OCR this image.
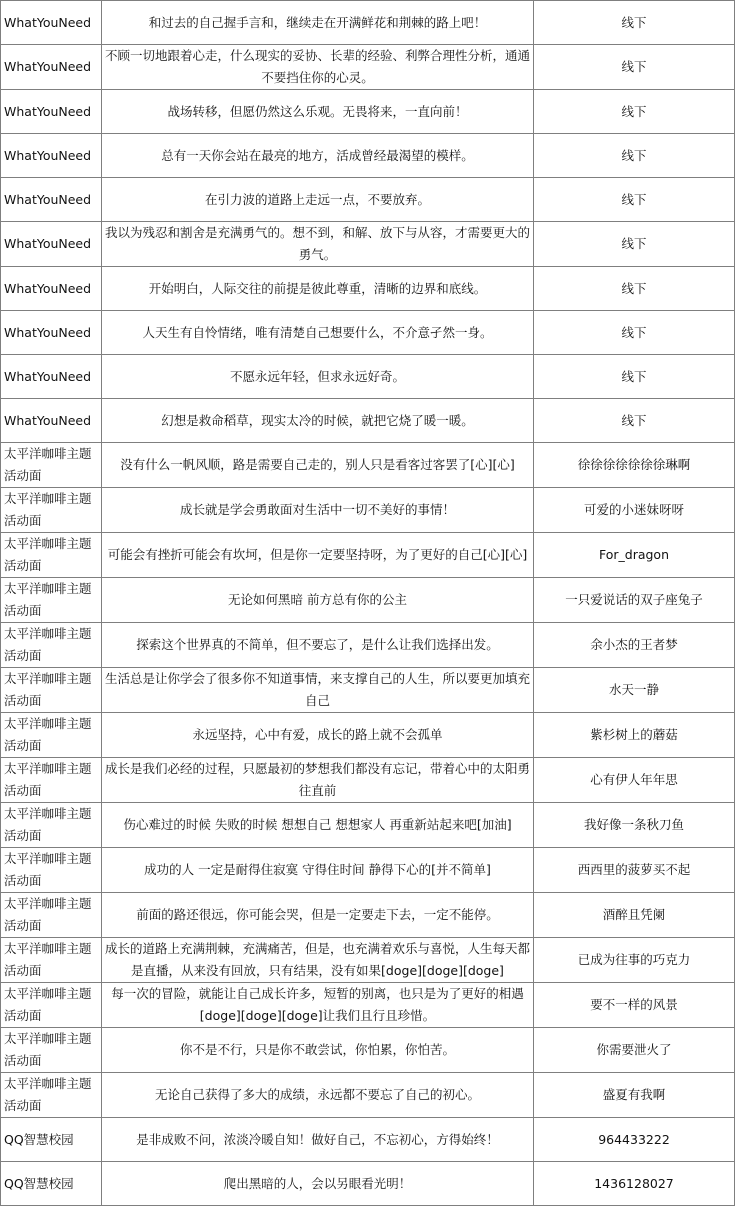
WhatYouNeed	和过去的自己握手言和，继续走在开满鲜花和荆棘的路上吧！	线下
WhatYouNeed	不顾一切地跟着心走，什么现实的妥协、长辈的经验、利弊合理性分析，通通不要挡住你的心灵。	线下
WhatYouNeed	战场转移，但愿仍然这么乐观。无畏将来，一直向前！	线下
WhatYouNeed	总有一天你会站在最亮的地方，活成曾经最渴望的模样。	线下
WhatYouNeed	在引力波的道路上走远一点，不要放弃。	线下
WhatYouNeed	我以为残忍和割舍是充满勇气的。想不到，和解、放下与从容，才需要更大的勇气。	线下
WhatYouNeed	开始明白，人际交往的前提是彼此尊重，清晰的边界和底线。	线下
WhatYouNeed	人天生有自怜情绪，唯有清楚自己想要什么，不介意孑然一身。	线下
WhatYouNeed	不愿永远年轻，但求永远好奇。	线下
WhatYouNeed	幻想是救命稻草，现实太冷的时候，就把它烧了暖一暖。	线下
太平洋咖啡主题活动面	没有什么一帆风顺，路是需要自己走的，别人只是看客过客罢了[心][心]	徐徐徐徐徐徐徐琳啊
太平洋咖啡主题活动面	成长就是学会勇敢面对生活中一切不美好的事情！	可爱的小迷妹呀呀
太平洋咖啡主题活动面	可能会有挫折可能会有坎坷，但是你一定要坚持呀，为了更好的自己[心][心]	For_dragon
太平洋咖啡主题活动面	无论如何黑暗 前方总有你的公主	一只爱说话的双子座兔子
太平洋咖啡主题活动面	探索这个世界真的不简单，但不要忘了，是什么让我们选择出发。	余小杰的王者梦
太平洋咖啡主题活动面	生活总是让你学会了很多你不知道事情，来支撑自己的人生，所以要更加填充自己	水天一静
太平洋咖啡主题活动面	永远坚持，心中有爱，成长的路上就不会孤单	紫杉树上的蘑菇
太平洋咖啡主题活动面	成长是我们必经的过程，只愿最初的梦想我们都没有忘记，带着心中的太阳勇往直前	心有伊人年年思
太平洋咖啡主题活动面	伤心难过的时候 失败的时候 想想自己 想想家人 再重新站起来吧[加油]	我好像一条秋刀鱼
太平洋咖啡主题活动面	成功的人 一定是耐得住寂寞 守得住时间 静得下心的[并不简单]	西西里的菠萝买不起
太平洋咖啡主题活动面	前面的路还很远，你可能会哭，但是一定要走下去，一定不能停。	酒醉且凭阑
太平洋咖啡主题活动面	成长的道路上充满荆棘，充满痛苦，但是，也充满着欢乐与喜悦，人生每天都是直播，从来没有回放，只有结果，没有如果[doge][doge][doge]	已成为往事的巧克力
太平洋咖啡主题活动面	每一次的冒险，就能让自己成长许多，短暂的别离，也只是为了更好的相遇[doge][doge][doge]让我们且行且珍惜。	要不一样的风景
太平洋咖啡主题活动面	你不是不行，只是你不敢尝试，你怕累，你怕苦。	你需要泄火了
太平洋咖啡主题活动面	无论自己获得了多大的成绩，永远都不要忘了自己的初心。	盛夏有我啊
QQ智慧校园	是非成败不问，浓淡冷暖自知！做好自己，不忘初心，方得始终！	964433222
QQ智慧校园	爬出黑暗的人，会以另眼看光明！	1436128027
